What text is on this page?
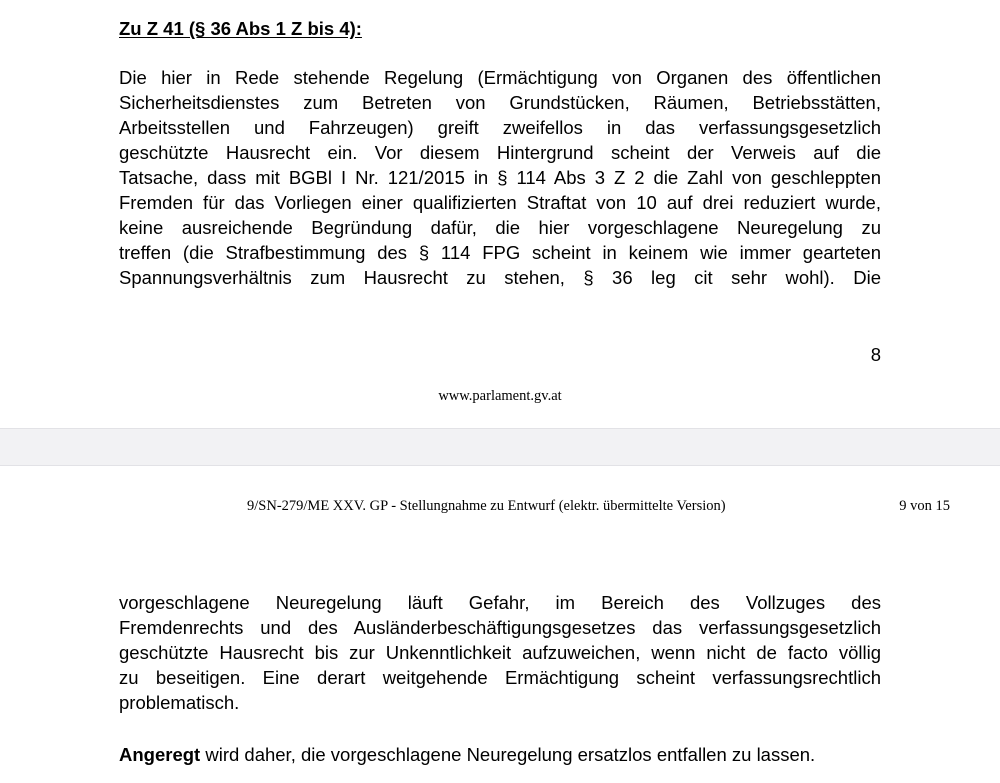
Zu Z 41 (§ 36 Abs 1 Z bis 4):

Die hier in Rede stehende Regelung (Ermächtigung von Organen des öffentlichen
Sicherheitsdienstes zum Betreten von Grundstücken, Räumen, Betriebsstätten,
Arbeitsstellen und Fahrzeugen) greift zweifellos in das verfassungsgesetzlich
geschützte Hausrecht ein. Vor diesem Hintergrund scheint der Verweis auf die
Tatsache, dass mit BGBl I Nr. 121/2015 in § 114 Abs 3 Z 2 die Zahl von geschleppten
Fremden für das Vorliegen einer qualifizierten Straftat von 10 auf drei reduziert wurde,
keine ausreichende Begründung dafür, die hier vorgeschlagene Neuregelung zu
treffen (die Strafbestimmung des § 114 FPG scheint in keinem wie immer gearteten
Spannungsverhältnis zum Hausrecht zu stehen, § 36 leg cit sehr wohl). Die

8

www.parlament.gv.at

9/SN-279/ME XXV. GP - Stellungnahme zu Entwurf (elektr. übermittelte Version)	9 von 15

vorgeschlagene Neuregelung läuft Gefahr, im Bereich des Vollzuges des
Fremdenrechts und des Ausländerbeschäftigungsgesetzes das verfassungsgesetzlich
geschützte Hausrecht bis zur Unkenntlichkeit aufzuweichen, wenn nicht de facto völlig
zu beseitigen. Eine derart weitgehende Ermächtigung scheint verfassungsrechtlich
problematisch.

Angeregt wird daher, die vorgeschlagene Neuregelung ersatzlos entfallen zu lassen.
